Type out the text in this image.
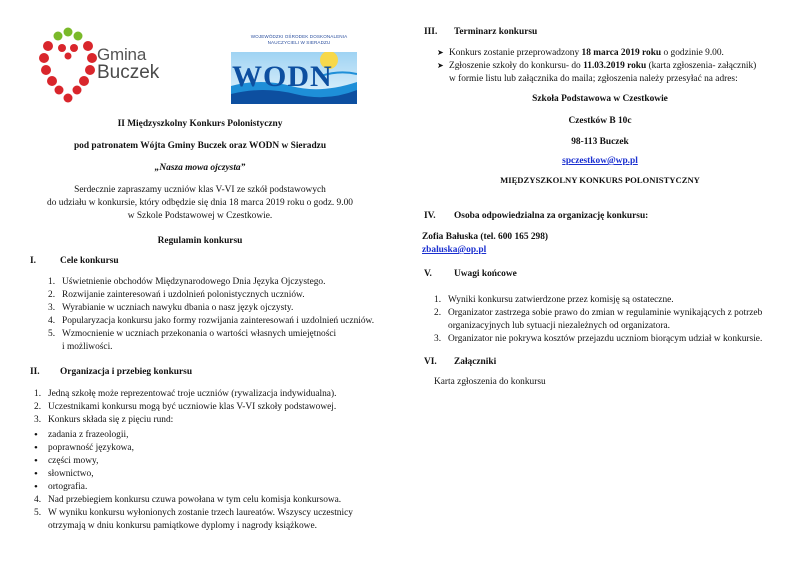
Gmina
Buczek
WOJEWÓDZKI OŚRODEK DOSKONALENIA
NAUCZYCIELI W SIERADZU
WODN
II Międzyszkolny Konkurs Polonistyczny
pod patronatem Wójta Gminy Buczek oraz WODN w Sieradzu
„Nasza mowa ojczysta”
Serdecznie zapraszamy uczniów klas V-VI ze szkół podstawowych
do udziału w konkursie, który odbędzie się dnia 18 marca 2019 roku o godz. 9.00
w Szkole Podstawowej w Czestkowie.
Regulamin konkursu
I.	Cele konkursu
1. Uświetnienie obchodów Międzynarodowego Dnia Języka Ojczystego.
2. Rozwijanie zainteresowań i uzdolnień polonistycznych uczniów.
3. Wyrabianie w uczniach nawyku dbania o nasz język ojczysty.
4. Popularyzacja konkursu jako formy rozwijania zainteresowań i uzdolnień uczniów.
5. Wzmocnienie w uczniach przekonania o wartości własnych umiejętności
i możliwości.
II. Organizacja i przebieg konkursu
1. Jedną szkołę może reprezentować troje uczniów (rywalizacja indywidualna).
2. Uczestnikami konkursu mogą być uczniowie klas V-VI szkoły podstawowej.
3. Konkurs składa się z pięciu rund:
• zadania z frazeologii,
• poprawność językowa,
• części mowy,
• słownictwo,
• ortografia.
4. Nad przebiegiem konkursu czuwa powołana w tym celu komisja konkursowa.
5. W wyniku konkursu wyłonionych zostanie trzech laureatów. Wszyscy uczestnicy
otrzymają w dniu konkursu pamiątkowe dyplomy i nagrody książkowe.
III. Terminarz konkursu
➤ Konkurs zostanie przeprowadzony 18 marca 2019 roku o godzinie 9.00.
➤ Zgłoszenie szkoły do konkursu- do 11.03.2019 roku (karta zgłoszenia- załącznik)
w formie listu lub załącznika do maila; zgłoszenia należy przesyłać na adres:
Szkoła Podstawowa w Czestkowie
Czestków B 10c
98-113 Buczek
spczestkow@wp.pl
MIĘDZYSZKOLNY KONKURS POLONISTYCZNY
IV. Osoba odpowiedzialna za organizację konkursu:
Zofia Bałuska (tel. 600 165 298)
zbaluska@op.pl
V. Uwagi końcowe
1. Wyniki konkursu zatwierdzone przez komisję są ostateczne.
2. Organizator zastrzega sobie prawo do zmian w regulaminie wynikających z potrzeb
organizacyjnych lub sytuacji niezależnych od organizatora.
3. Organizator nie pokrywa kosztów przejazdu uczniom biorącym udział w konkursie.
VI. Załączniki
Karta zgłoszenia do konkursu
